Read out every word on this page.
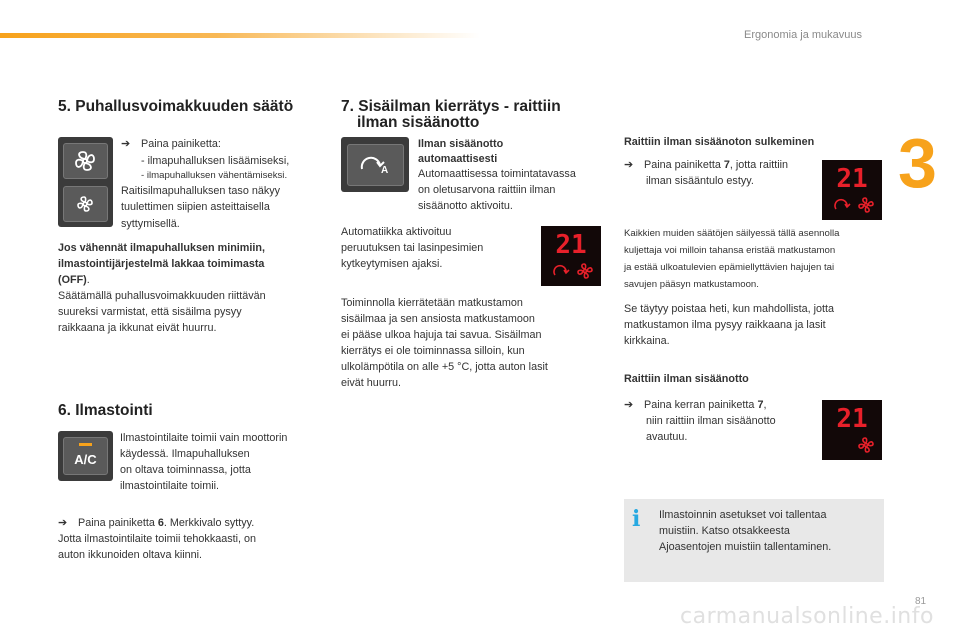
Ergonomia ja mukavuus
3
5. Puhallusvoimakkuuden säätö
➔ Paina painiketta:
- ilmapuhalluksen lisäämiseksi,
- ilmapuhalluksen vähentämiseksi.
Raitisilmapuhalluksen taso näkyy
tuulettimen siipien asteittaisella
syttymisellä.
Jos vähennät ilmapuhalluksen minimiin,
ilmastointijärjestelmä lakkaa toimimasta
(OFF).
Säätämällä puhallusvoimakkuuden riittävän
suureksi varmistat, että sisäilma pysyy
raikkaana ja ikkunat eivät huurru.
6. Ilmastointi
A/C
Ilmastointilaite toimii vain moottorin
käydessä. Ilmapuhalluksen
on oltava toiminnassa, jotta
ilmastointilaite toimii.
➔ Paina painiketta 6. Merkkivalo syttyy.
Jotta ilmastointilaite toimii tehokkaasti, on
auton ikkunoiden oltava kiinni.
7. Sisäilman kierrätys - raittiin
ilman sisäänotto
A
Ilman sisäänotto
automaattisesti
Automaattisessa toimintatavassa
on oletusarvona raittiin ilman
sisäänotto aktivoitu.
Automatiikka aktivoituu
peruutuksen tai lasinpesimien
kytkeytymisen ajaksi.
21
Toiminnolla kierrätetään matkustamon
sisäilmaa ja sen ansiosta matkustamoon
ei pääse ulkoa hajuja tai savua. Sisäilman
kierrätys ei ole toiminnassa silloin, kun
ulkolämpötila on alle +5 °C, jotta auton lasit
eivät huurru.
Raittiin ilman sisäänoton sulkeminen
➔ Paina painiketta 7, jotta raittiin
ilman sisääntulo estyy.	21
Kaikkien muiden säätöjen säilyessä tällä asennolla
kuljettaja voi milloin tahansa eristää matkustamon
ja estää ulkoatulevien epämiellyttävien hajujen tai
savujen pääsyn matkustamoon.
Se täytyy poistaa heti, kun mahdollista, jotta
matkustamon ilma pysyy raikkaana ja lasit
kirkkaina.
Raittiin ilman sisäänotto
➔ Paina kerran painiketta 7,
niin raittiin ilman sisäänotto
avautuu.
21
i	Ilmastoinnin asetukset voi tallentaa
muistiin. Katso otsakkeesta
Ajoasentojen muistiin tallentaminen.
carmanualsonline.info
81
